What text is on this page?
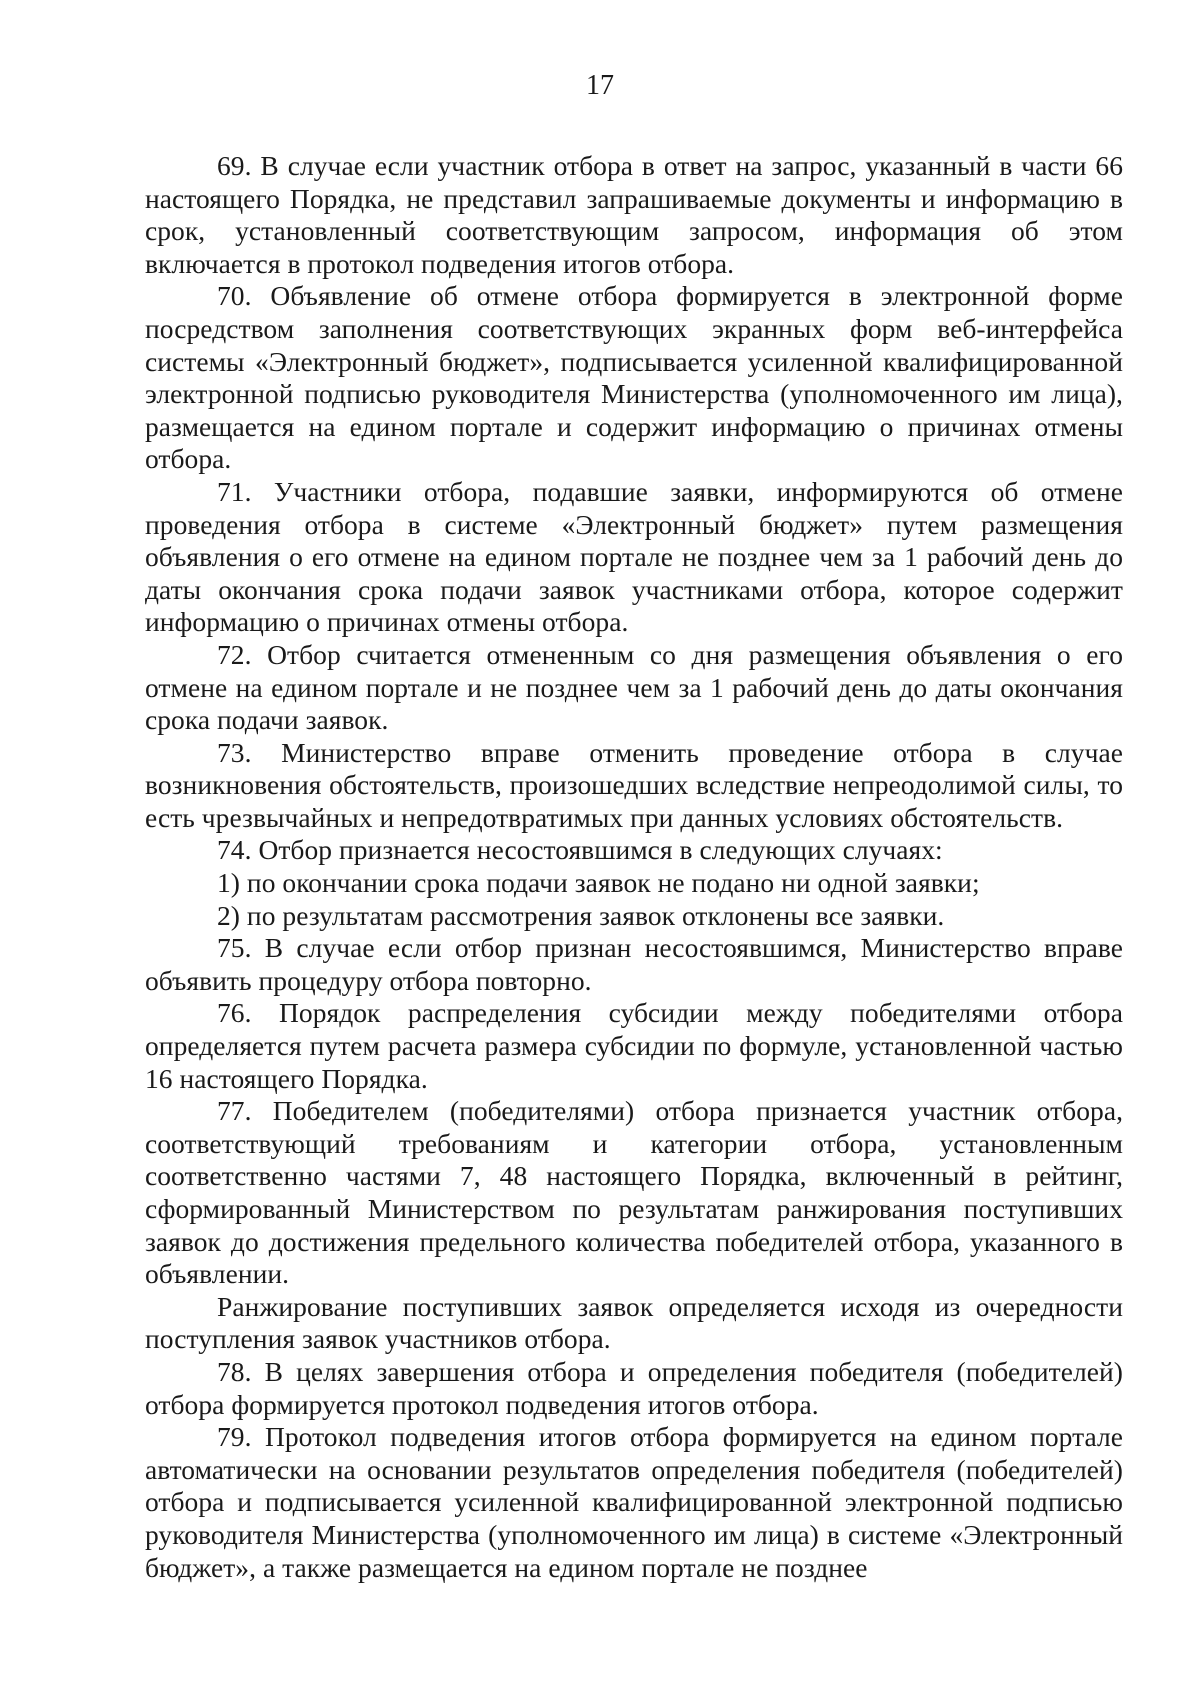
17

69. В случае если участник отбора в ответ на запрос, указанный в части 66 настоящего Порядка, не представил запрашиваемые документы и информацию в срок, установленный соответствующим запросом, информация об этом включается в протокол подведения итогов отбора.

70. Объявление об отмене отбора формируется в электронной форме посредством заполнения соответствующих экранных форм веб-интерфейса системы «Электронный бюджет», подписывается усиленной квалифицированной электронной подписью руководителя Министерства (уполномоченного им лица), размещается на едином портале и содержит информацию о причинах отмены отбора.

71. Участники отбора, подавшие заявки, информируются об отмене проведения отбора в системе «Электронный бюджет» путем размещения объявления о его отмене на едином портале не позднее чем за 1 рабочий день до даты окончания срока подачи заявок участниками отбора, которое содержит информацию о причинах отмены отбора.

72. Отбор считается отмененным со дня размещения объявления о его отмене на едином портале и не позднее чем за 1 рабочий день до даты окончания срока подачи заявок.

73. Министерство вправе отменить проведение отбора в случае возникновения обстоятельств, произошедших вследствие непреодолимой силы, то есть чрезвычайных и непредотвратимых при данных условиях обстоятельств.

74. Отбор признается несостоявшимся в следующих случаях:

1) по окончании срока подачи заявок не подано ни одной заявки;

2) по результатам рассмотрения заявок отклонены все заявки.

75. В случае если отбор признан несостоявшимся, Министерство вправе объявить процедуру отбора повторно.

76. Порядок распределения субсидии между победителями отбора определяется путем расчета размера субсидии по формуле, установленной частью 16 настоящего Порядка.

77. Победителем (победителями) отбора признается участник отбора, соответствующий требованиям и категории отбора, установленным соответственно частями 7, 48 настоящего Порядка, включенный в рейтинг, сформированный Министерством по результатам ранжирования поступивших заявок до достижения предельного количества победителей отбора, указанного в объявлении.

Ранжирование поступивших заявок определяется исходя из очередности поступления заявок участников отбора.

78. В целях завершения отбора и определения победителя (победителей) отбора формируется протокол подведения итогов отбора.

79. Протокол подведения итогов отбора формируется на едином портале автоматически на основании результатов определения победителя (победителей) отбора и подписывается усиленной квалифицированной электронной подписью руководителя Министерства (уполномоченного им лица) в системе «Электронный бюджет», а также размещается на едином портале не позднее
